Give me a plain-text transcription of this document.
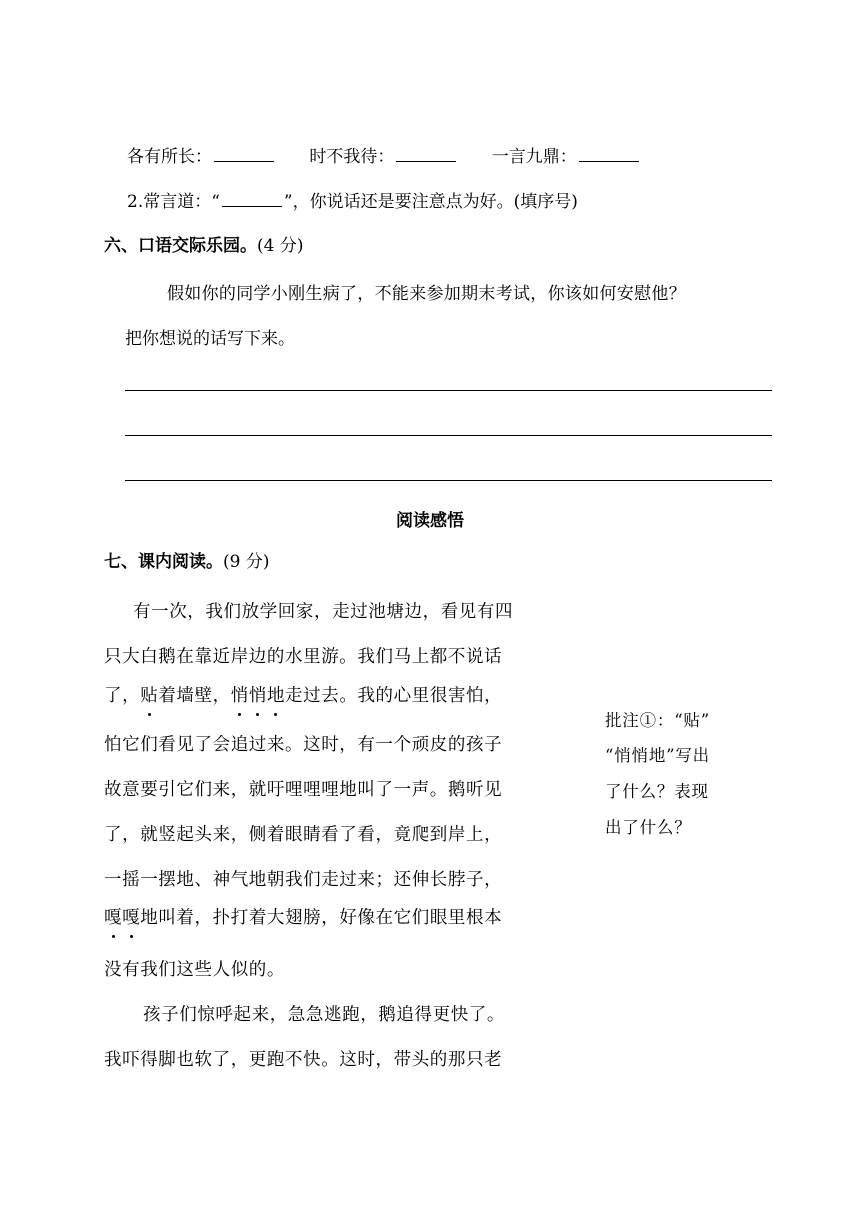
各有所长：	时不我待：	一言九鼎：
2.常言道：“	”，你说话还是要注意点为好。(填序号)
六、口语交际乐园。(4 分)
假如你的同学小刚生病了，不能来参加期末考试，你该如何安慰他？
把你想说的话写下来。
阅读感悟
七、课内阅读。(9 分)
有一次，我们放学回家，走过池塘边，看见有四
只大白鹅在靠近岸边的水里游。我们马上都不说话
了，贴着墙壁，悄悄地走过去。我的心里很害怕，
怕它们看见了会追过来。这时，有一个顽皮的孩子
故意要引它们来，就吁哩哩哩地叫了一声。鹅听见
了，就竖起头来，侧着眼睛看了看，竟爬到岸上，
一摇一摆地、神气地朝我们走过来；还伸长脖子，
嘎嘎地叫着，扑打着大翅膀，好像在它们眼里根本
没有我们这些人似的。
孩子们惊呼起来，急急逃跑，鹅追得更快了。
我吓得脚也软了，更跑不快。这时，带头的那只老
批注①：“贴”
“悄悄地”写出
了什么？表现
出了什么？
